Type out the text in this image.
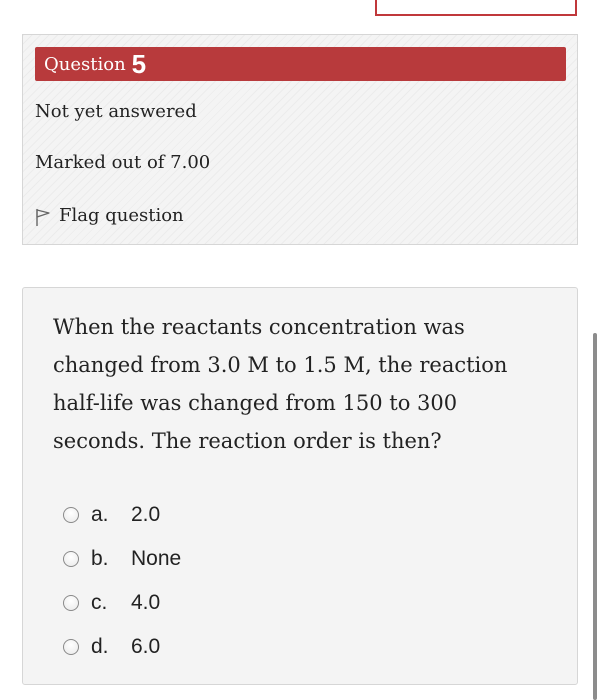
Question 5
Not yet answered
Marked out of 7.00
Flag question
When the reactants concentration was changed from 3.0 M to 1.5 M, the reaction half-life was changed from 150 to 300 seconds. The reaction order is then?
a.	2.0
b.	None
c.	4.0
d.	6.0
